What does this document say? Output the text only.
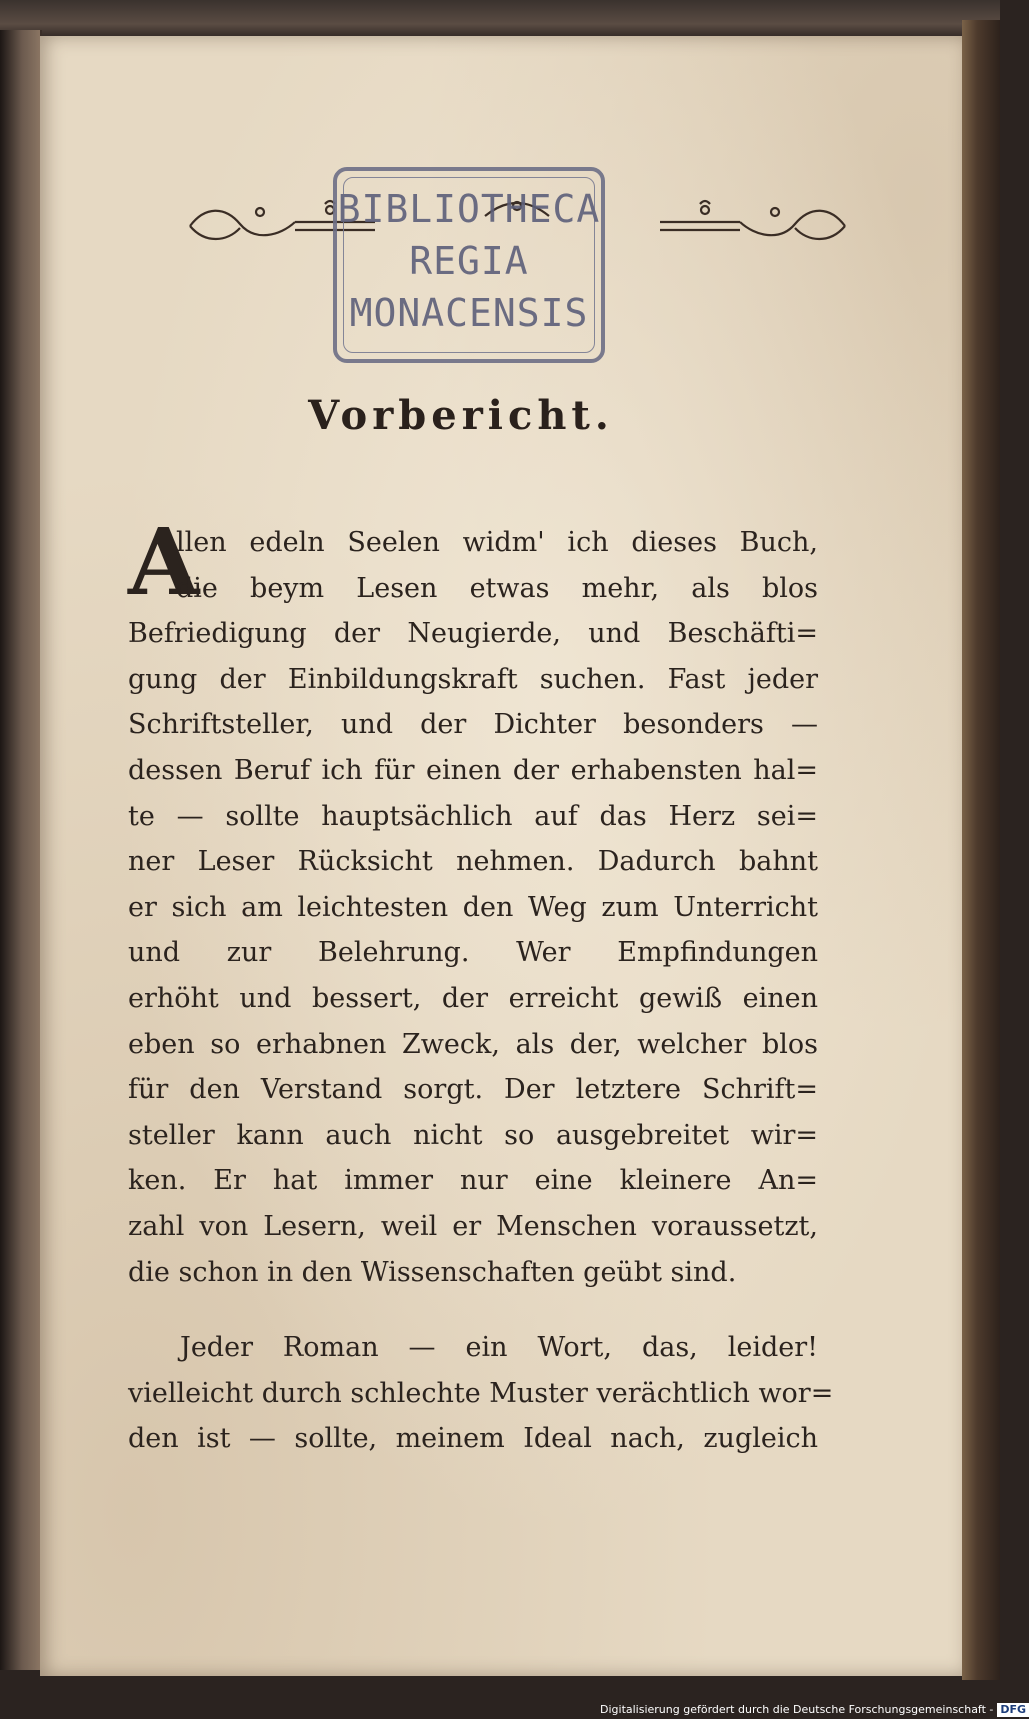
BIBLIOTHECA
REGIA
MONACENSIS
Vorbericht.
A
llen edeln Seelen widm' ich dieses Buch,
die beym Lesen etwas mehr, als blos
Befriedigung der Neugierde, und Beschäfti=
gung der Einbildungskraft suchen. Fast jeder
Schriftsteller, und der Dichter besonders —
dessen Beruf ich für einen der erhabensten hal=
te — sollte hauptsächlich auf das Herz sei=
ner Leser Rücksicht nehmen. Dadurch bahnt
er sich am leichtesten den Weg zum Unterricht
und zur Belehrung. Wer Empfindungen
erhöht und bessert, der erreicht gewiß einen
eben so erhabnen Zweck, als der, welcher blos
für den Verstand sorgt. Der letztere Schrift=
steller kann auch nicht so ausgebreitet wir=
ken. Er hat immer nur eine kleinere An=
zahl von Lesern, weil er Menschen voraussetzt,
die schon in den Wissenschaften geübt sind.
Jeder Roman — ein Wort, das, leider!
vielleicht durch schlechte Muster verächtlich wor=
den ist — sollte, meinem Ideal nach, zugleich
Digitalisierung gefördert durch die Deutsche Forschungsgemeinschaft - DFG
